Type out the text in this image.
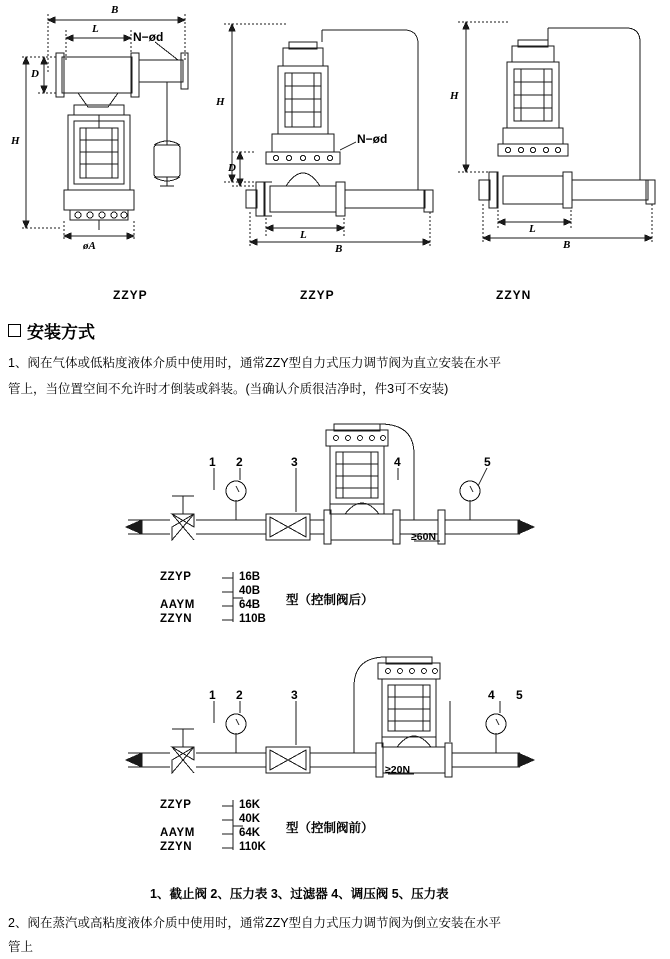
B
L
N−ød
D
H
øA
ZZYP
H
N−ød
D
L
B
ZZYP
H
L
B
ZZYN
安装方式
1、阀在气体或低粘度液体介质中使用时，通常ZZY型自力式压力调节阀为直立安装在水平
管上，当位置空间不允许时才倒装或斜装。(当确认介质很洁净时，件3可不安装)
1 2	3	4	5
≥60N
ZZYP
AAYM
ZZYN
16B
40B
64B
110B
型（控制阀后）
1 2	3	4 5
≥20N
ZZYP
AAYM
ZZYN
16K
40K
64K
110K
型（控制阀前）
1、截止阀 2、压力表 3、过滤器 4、调压阀 5、压力表
2、阀在蒸汽或高粘度液体介质中使用时，通常ZZY型自力式压力调节阀为倒立安装在水平
管上
